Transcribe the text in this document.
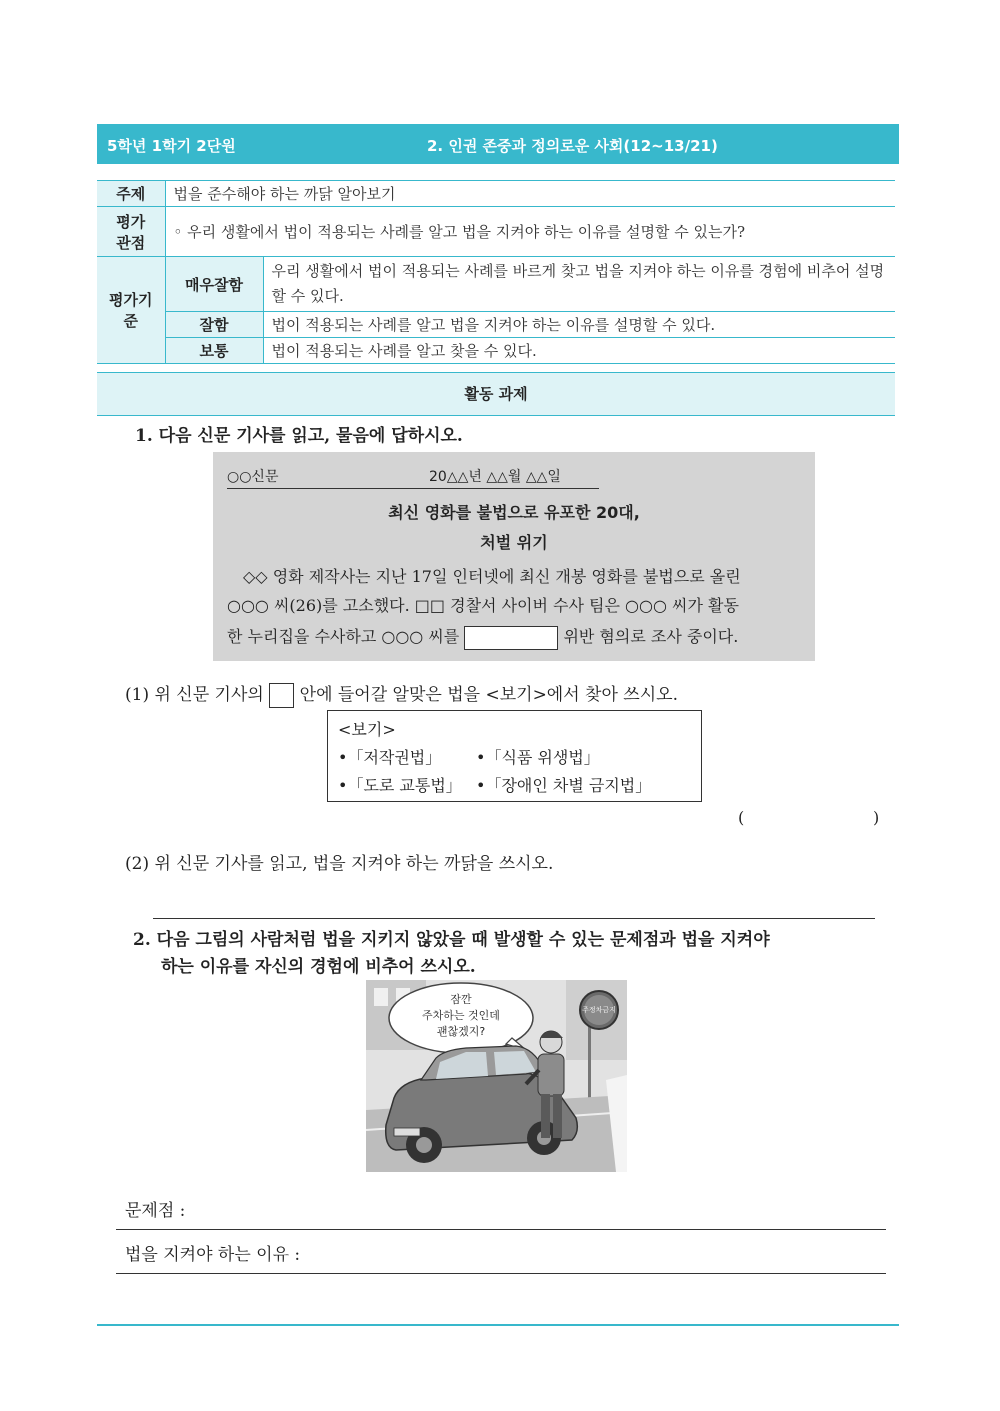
5학년 1학기 2단원	2. 인권 존중과 정의로운 사회(12~13/21)
주제	법을 준수해야 하는 까닭 알아보기	

평가
관점	◦ 우리 생활에서 법이 적용되는 사례를 알고 법을 지켜야 하는 이유를 설명할 수 있는가?	
평가기준	매우잘함	우리 생활에서 법이 적용되는 사례를 바르게 찾고 법을 지켜야 하는 이유를 경험에 비추어 설명할 수 있다.
	잘함	법이 적용되는 사례를 알고 법을 지켜야 하는 이유를 설명할 수 있다.
	보통	법이 적용되는 사례를 알고 찾을 수 있다.
활동 과제
1. 다음 신문 기사를 읽고, 물음에 답하시오.
○○신문	20△△년 △△월 △△일
최신 영화를 불법으로 유포한 20대,
처벌 위기
◇◇ 영화 제작사는 지난 17일 인터넷에 최신 개봉 영화를 불법으로 올린
○○○ 씨(26)를 고소했다. □□ 경찰서 사이버 수사 팀은 ○○○ 씨가 활동
한 누리집을 수사하고 ○○○ 씨를	위반 혐의로 조사 중이다.
(1) 위 신문 기사의 안에 들어갈 알맞은 법을 <보기>에서 찾아 쓰시오.
<보기>
•「저작권법」 •「식품 위생법」
•「도로 교통법」 •「장애인 차별 금지법」
(	)
(2) 위 신문 기사를 읽고, 법을 지켜야 하는 까닭을 쓰시오.
2. 다음 그림의 사람처럼 법을 지키지 않았을 때 발생할 수 있는 문제점과 법을 지켜야
하는 이유를 자신의 경험에 비추어 쓰시오.
잠깐
주차하는 것인데
괜찮겠지?
주정차금지
문제점 :
법을 지켜야 하는 이유 :
